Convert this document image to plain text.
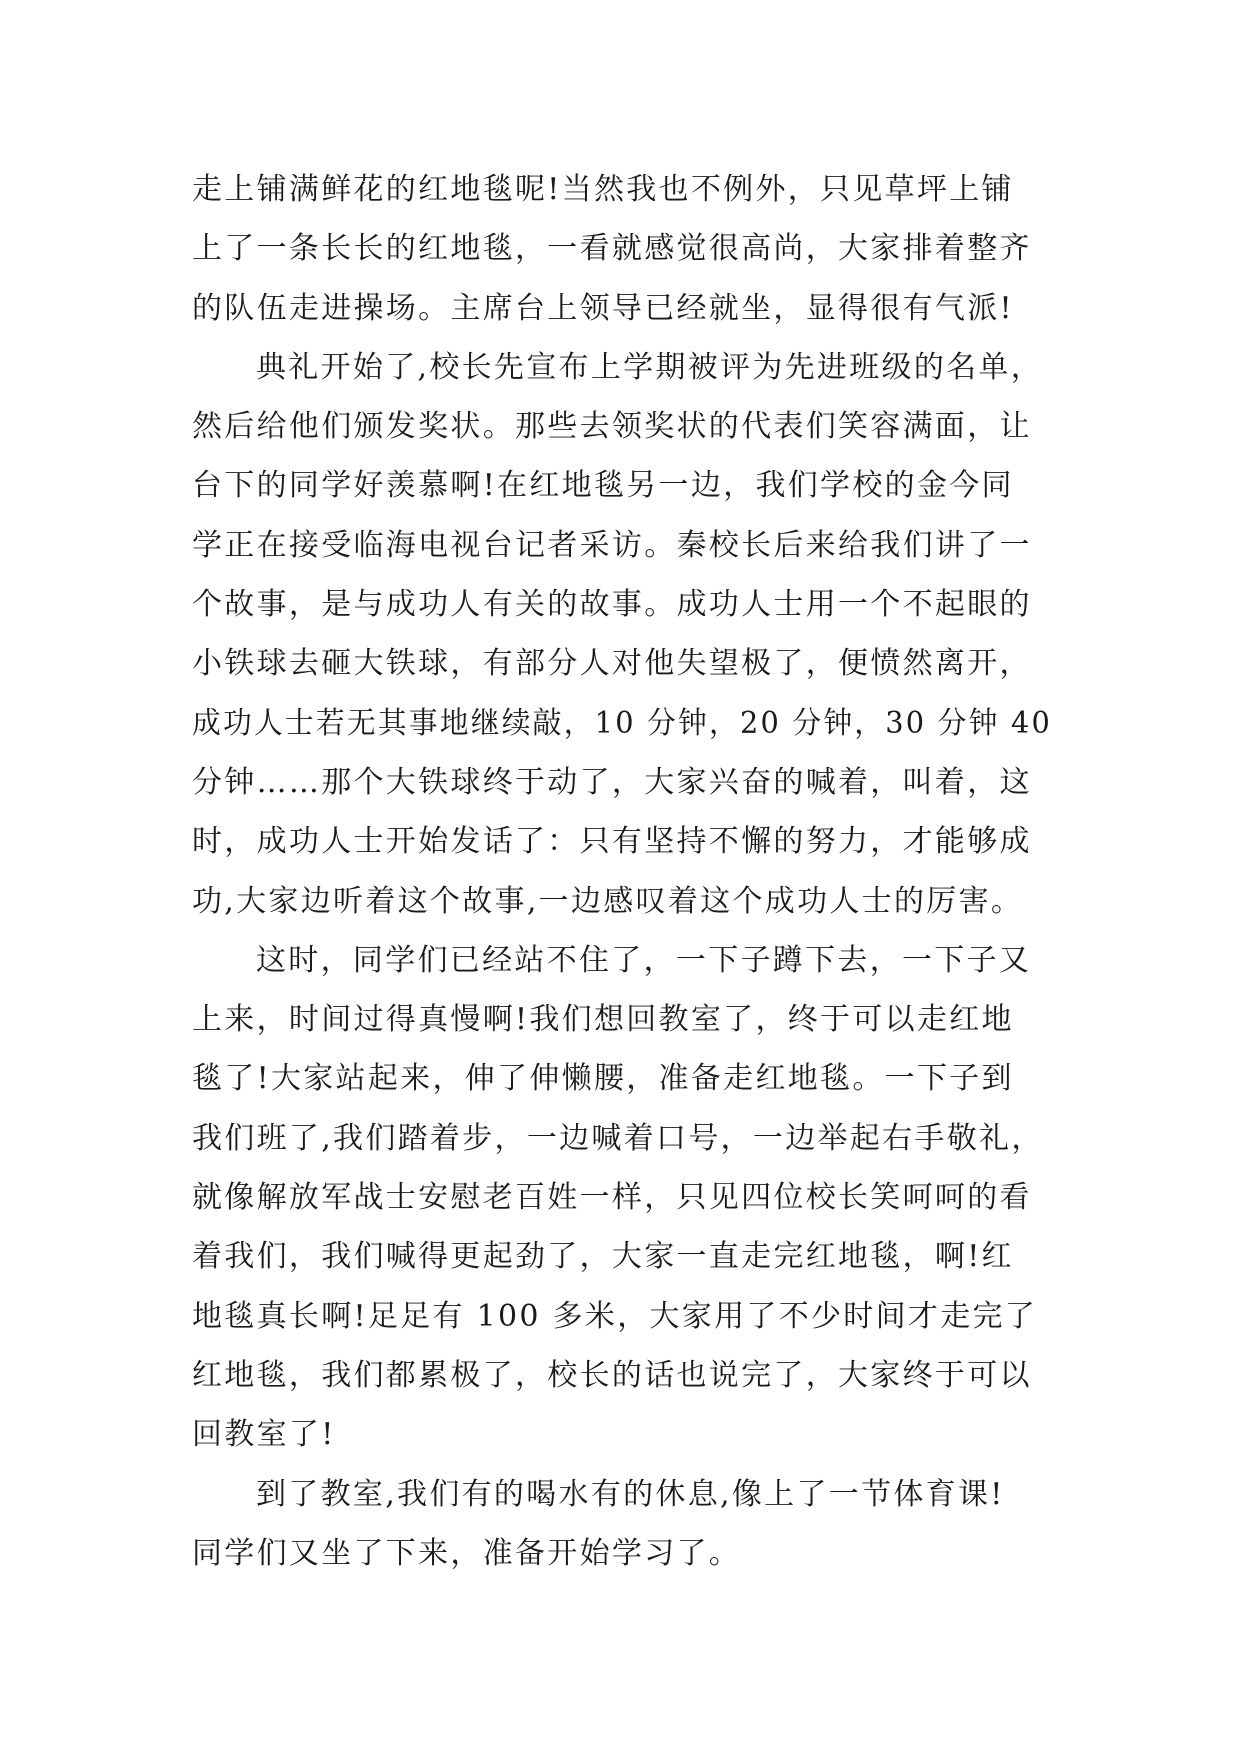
走上铺满鲜花的红地毯呢!当然我也不例外，只见草坪上铺
上了一条长长的红地毯，一看就感觉很高尚，大家排着整齐
的队伍走进操场。主席台上领导已经就坐，显得很有气派!
典礼开始了,校长先宣布上学期被评为先进班级的名单，
然后给他们颁发奖状。那些去领奖状的代表们笑容满面，让
台下的同学好羡慕啊!在红地毯另一边，我们学校的金今同
学正在接受临海电视台记者采访。秦校长后来给我们讲了一
个故事，是与成功人有关的故事。成功人士用一个不起眼的
小铁球去砸大铁球，有部分人对他失望极了，便愤然离开，
成功人士若无其事地继续敲，10 分钟，20 分钟，30 分钟 40
分钟……那个大铁球终于动了，大家兴奋的喊着，叫着，这
时，成功人士开始发话了：只有坚持不懈的努力，才能够成
功,大家边听着这个故事,一边感叹着这个成功人士的厉害。
这时，同学们已经站不住了，一下子蹲下去，一下子又
上来，时间过得真慢啊!我们想回教室了，终于可以走红地
毯了!大家站起来，伸了伸懒腰，准备走红地毯。一下子到
我们班了,我们踏着步，一边喊着口号，一边举起右手敬礼，
就像解放军战士安慰老百姓一样，只见四位校长笑呵呵的看
着我们，我们喊得更起劲了，大家一直走完红地毯，啊!红
地毯真长啊!足足有 100 多米，大家用了不少时间才走完了
红地毯，我们都累极了，校长的话也说完了，大家终于可以
回教室了!
到了教室,我们有的喝水有的休息,像上了一节体育课!
同学们又坐了下来，准备开始学习了。
